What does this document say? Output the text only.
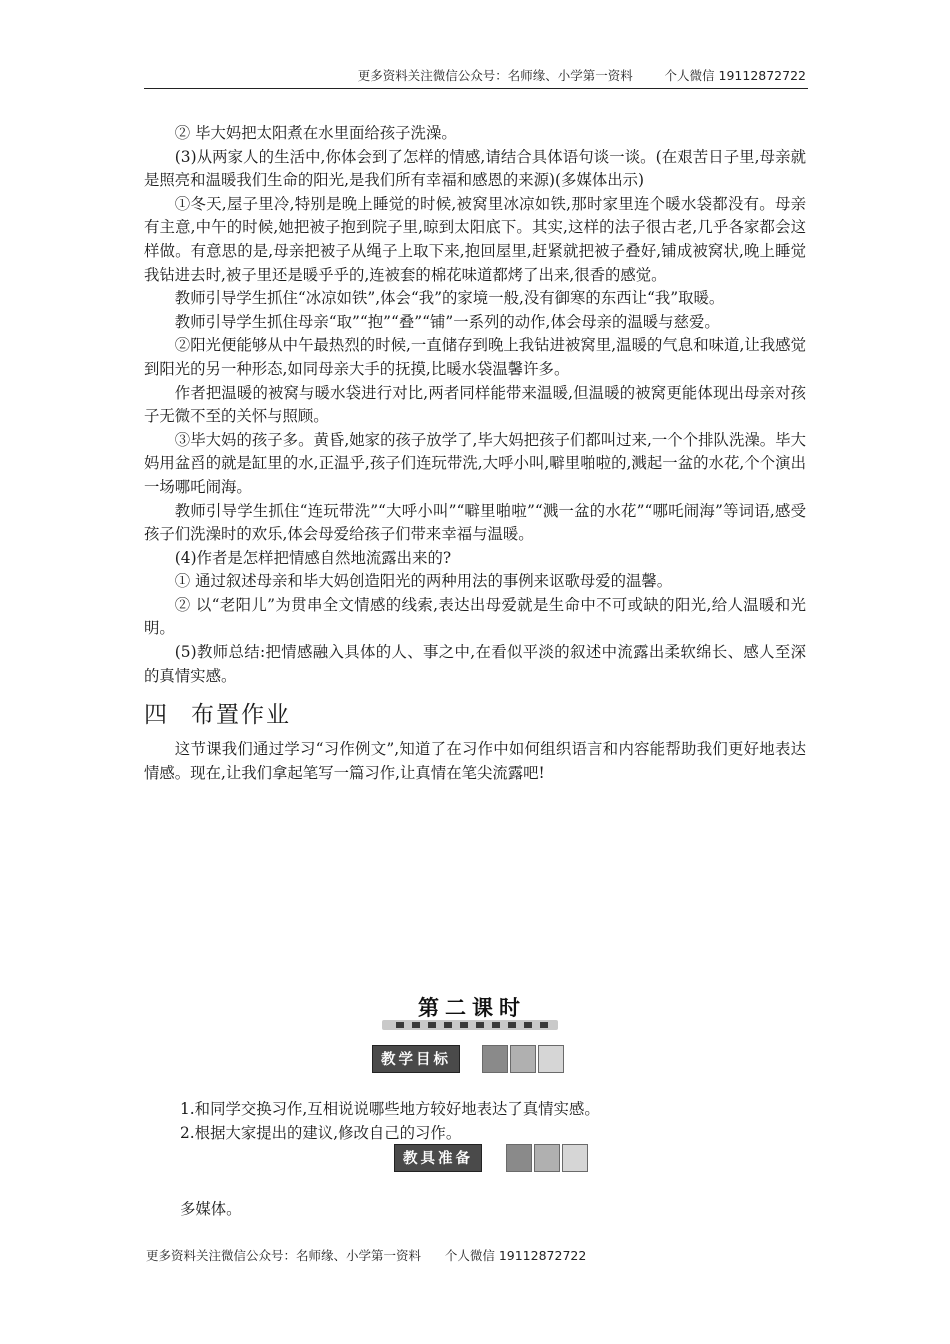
更多资料关注微信公众号：名师缘、小学第一资料        个人微信 19112872722

② 毕大妈把太阳煮在水里面给孩子洗澡。

(3)从两家人的生活中,你体会到了怎样的情感,请结合具体语句谈一谈。(在艰苦日子里,母亲就是照亮和温暖我们生命的阳光,是我们所有幸福和感恩的来源)(多媒体出示)

①冬天,屋子里冷,特别是晚上睡觉的时候,被窝里冰凉如铁,那时家里连个暖水袋都没有。母亲有主意,中午的时候,她把被子抱到院子里,晾到太阳底下。其实,这样的法子很古老,几乎各家都会这样做。有意思的是,母亲把被子从绳子上取下来,抱回屋里,赶紧就把被子叠好,铺成被窝状,晚上睡觉我钻进去时,被子里还是暖乎乎的,连被套的棉花味道都烤了出来,很香的感觉。

教师引导学生抓住“冰凉如铁”,体会“我”的家境一般,没有御寒的东西让“我”取暖。

教师引导学生抓住母亲“取”“抱”“叠”“铺”一系列的动作,体会母亲的温暖与慈爱。

②阳光便能够从中午最热烈的时候,一直储存到晚上我钻进被窝里,温暖的气息和味道,让我感觉到阳光的另一种形态,如同母亲大手的抚摸,比暖水袋温馨许多。

作者把温暖的被窝与暖水袋进行对比,两者同样能带来温暖,但温暖的被窝更能体现出母亲对孩子无微不至的关怀与照顾。

③毕大妈的孩子多。黄昏,她家的孩子放学了,毕大妈把孩子们都叫过来,一个个排队洗澡。毕大妈用盆舀的就是缸里的水,正温乎,孩子们连玩带洗,大呼小叫,噼里啪啦的,溅起一盆的水花,个个演出一场哪吒闹海。

教师引导学生抓住“连玩带洗”“大呼小叫”“噼里啪啦”“溅一盆的水花”“哪吒闹海”等词语,感受孩子们洗澡时的欢乐,体会母爱给孩子们带来幸福与温暖。

(4)作者是怎样把情感自然地流露出来的?

① 通过叙述母亲和毕大妈创造阳光的两种用法的事例来讴歌母爱的温馨。

② 以“老阳儿”为贯串全文情感的线索,表达出母爱就是生命中不可或缺的阳光,给人温暖和光明。

(5)教师总结:把情感融入具体的人、事之中,在看似平淡的叙述中流露出柔软绵长、感人至深的真情实感。

四 布置作业

这节课我们通过学习“习作例文”,知道了在习作中如何组织语言和内容能帮助我们更好地表达情感。现在,让我们拿起笔写一篇习作,让真情在笔尖流露吧!

第二课时
教学目标

1.和同学交换习作,互相说说哪些地方较好地表达了真情实感。

2.根据大家提出的建议,修改自己的习作。

教具准备
多媒体。
更多资料关注微信公众号：名师缘、小学第一资料      个人微信 19112872722
